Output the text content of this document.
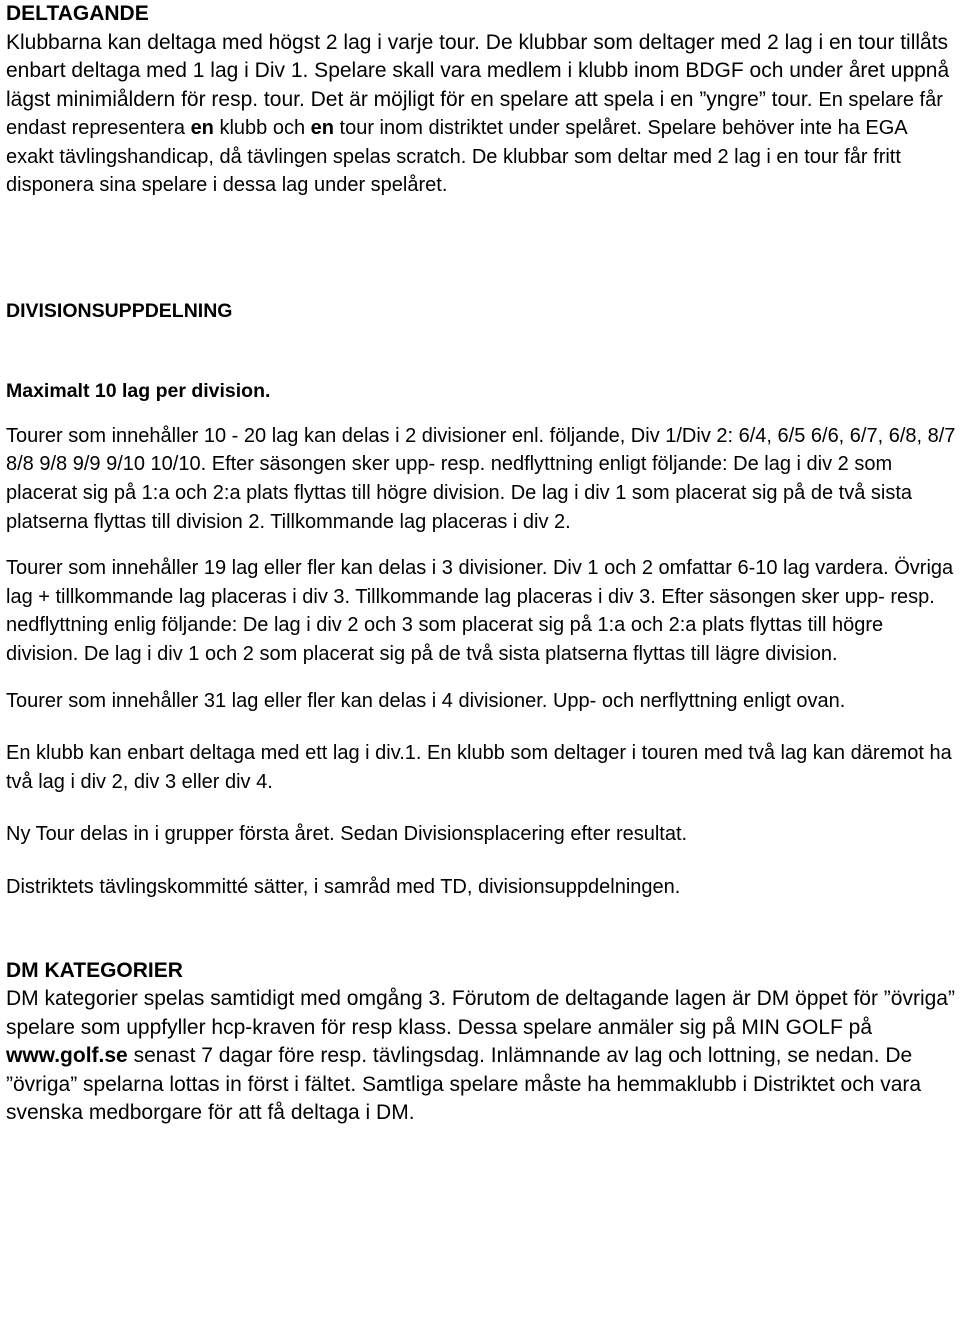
DELTAGANDE

Klubbarna kan deltaga med högst 2 lag i varje tour. De klubbar som deltager med 2 lag i en tour tillåts enbart deltaga med 1 lag i Div 1. Spelare skall vara medlem i klubb inom BDGF och under året uppnå lägst minimiåldern för resp. tour. Det är möjligt för en spelare att spela i en ”yngre” tour. En spelare får endast representera en klubb och en tour inom distriktet under spelåret. Spelare behöver inte ha EGA exakt tävlingshandicap, då tävlingen spelas scratch. De klubbar som deltar med 2 lag i en tour får fritt disponera sina spelare i dessa lag under spelåret.

DIVISIONSUPPDELNING
Maximalt 10 lag per division.

Tourer som innehåller 10 - 20 lag kan delas i 2 divisioner enl. följande, Div 1/Div 2: 6/4, 6/5 6/6, 6/7, 6/8, 8/7 8/8 9/8 9/9 9/10 10/10. Efter säsongen sker upp- resp. nedflyttning enligt följande: De lag i div 2 som placerat sig på 1:a och 2:a plats flyttas till högre division. De lag i div 1 som placerat sig på de två sista platserna flyttas till division 2. Tillkommande lag placeras i div 2.

Tourer som innehåller 19 lag eller fler kan delas i 3 divisioner. Div 1 och 2 omfattar 6-10 lag vardera. Övriga lag + tillkommande lag placeras i div 3. Tillkommande lag placeras i div 3. Efter säsongen sker upp- resp. nedflyttning enlig följande: De lag i div 2 och 3 som placerat sig på 1:a och 2:a plats flyttas till högre division. De lag i div 1 och 2 som placerat sig på de två sista platserna flyttas till lägre division.

Tourer som innehåller 31 lag eller fler kan delas i 4 divisioner. Upp- och nerflyttning enligt ovan.

En klubb kan enbart deltaga med ett lag i div.1. En klubb som deltager i touren med två lag kan däremot ha två lag i div 2, div 3 eller div 4.

Ny Tour delas in i grupper första året. Sedan Divisionsplacering efter resultat.

Distriktets tävlingskommitté sätter, i samråd med TD, divisionsuppdelningen.

DM KATEGORIER

DM kategorier spelas samtidigt med omgång 3. Förutom de deltagande lagen är DM öppet för ”övriga” spelare som uppfyller hcp-kraven för resp klass. Dessa spelare anmäler sig på MIN GOLF på www.golf.se senast 7 dagar före resp. tävlingsdag. Inlämnande av lag och lottning, se nedan. De ”övriga” spelarna lottas in först i fältet. Samtliga spelare måste ha hemmaklubb i Distriktet och vara svenska medborgare för att få deltaga i DM.
